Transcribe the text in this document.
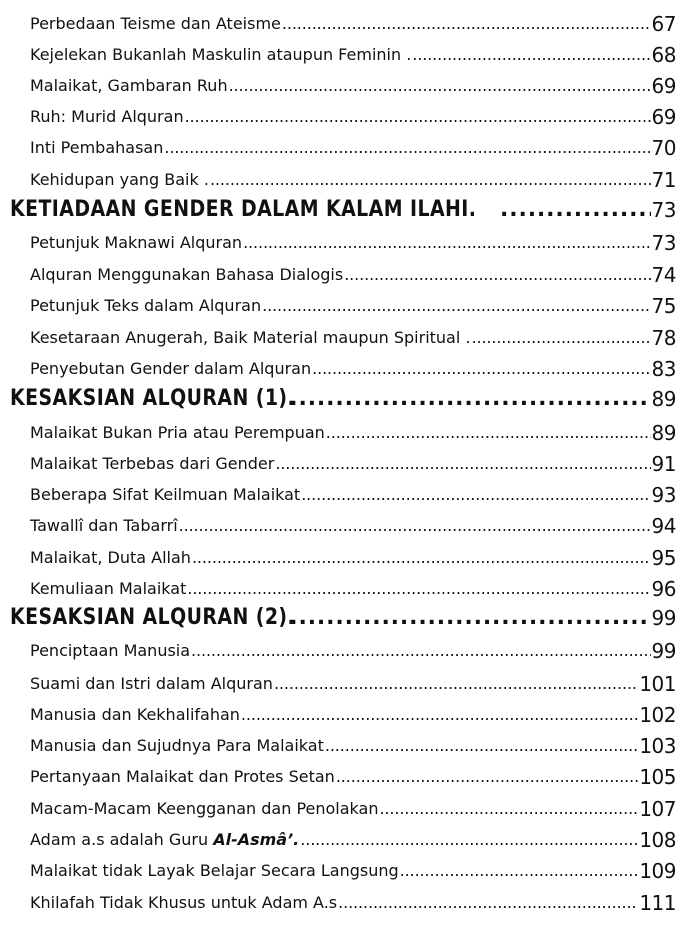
Perbedaan Teisme dan Ateisme . . .	67
Kejelekan Bukanlah Maskulin ataupun Feminin . . . .	68
Malaikat, Gambaran Ruh . . .	69
Ruh: Murid Alquran . . .	69
Inti Pembahasan . . .	70
Kehidupan yang Baik . . . .	71
KETIADAAN GENDER DALAM KALAM ILAHI. . . .	73
Petunjuk Maknawi Alquran . . .	73
Alquran Menggunakan Bahasa Dialogis . . .	74
Petunjuk Teks dalam Alquran . . .	75
Kesetaraan Anugerah, Baik Material maupun Spiritual . . . .	78
Penyebutan Gender dalam Alquran . . .	83
KESAKSIAN ALQURAN (1). . . .	89
Malaikat Bukan Pria atau Perempuan . . .	89
Malaikat Terbebas dari Gender . . .	91
Beberapa Sifat Keilmuan Malaikat . . .	93
Tawallî dan Tabarrî . . .	94
Malaikat, Duta Allah . . .	95
Kemuliaan Malaikat . . .	96
KESAKSIAN ALQURAN (2). . . .	99
Penciptaan Manusia . . .	99
Suami dan Istri dalam Alquran . . .	101
Manusia dan Kekhalifahan . . .	102
Manusia dan Sujudnya Para Malaikat . . .	103
Pertanyaan Malaikat dan Protes Setan . . .	105
Macam-Macam Keengganan dan Penolakan . . .	107
Adam a.s adalah Guru Al-Asmâ’. . . .	108
Malaikat tidak Layak Belajar Secara Langsung . . .	109
Khilafah Tidak Khusus untuk Adam A.s . . .	111
